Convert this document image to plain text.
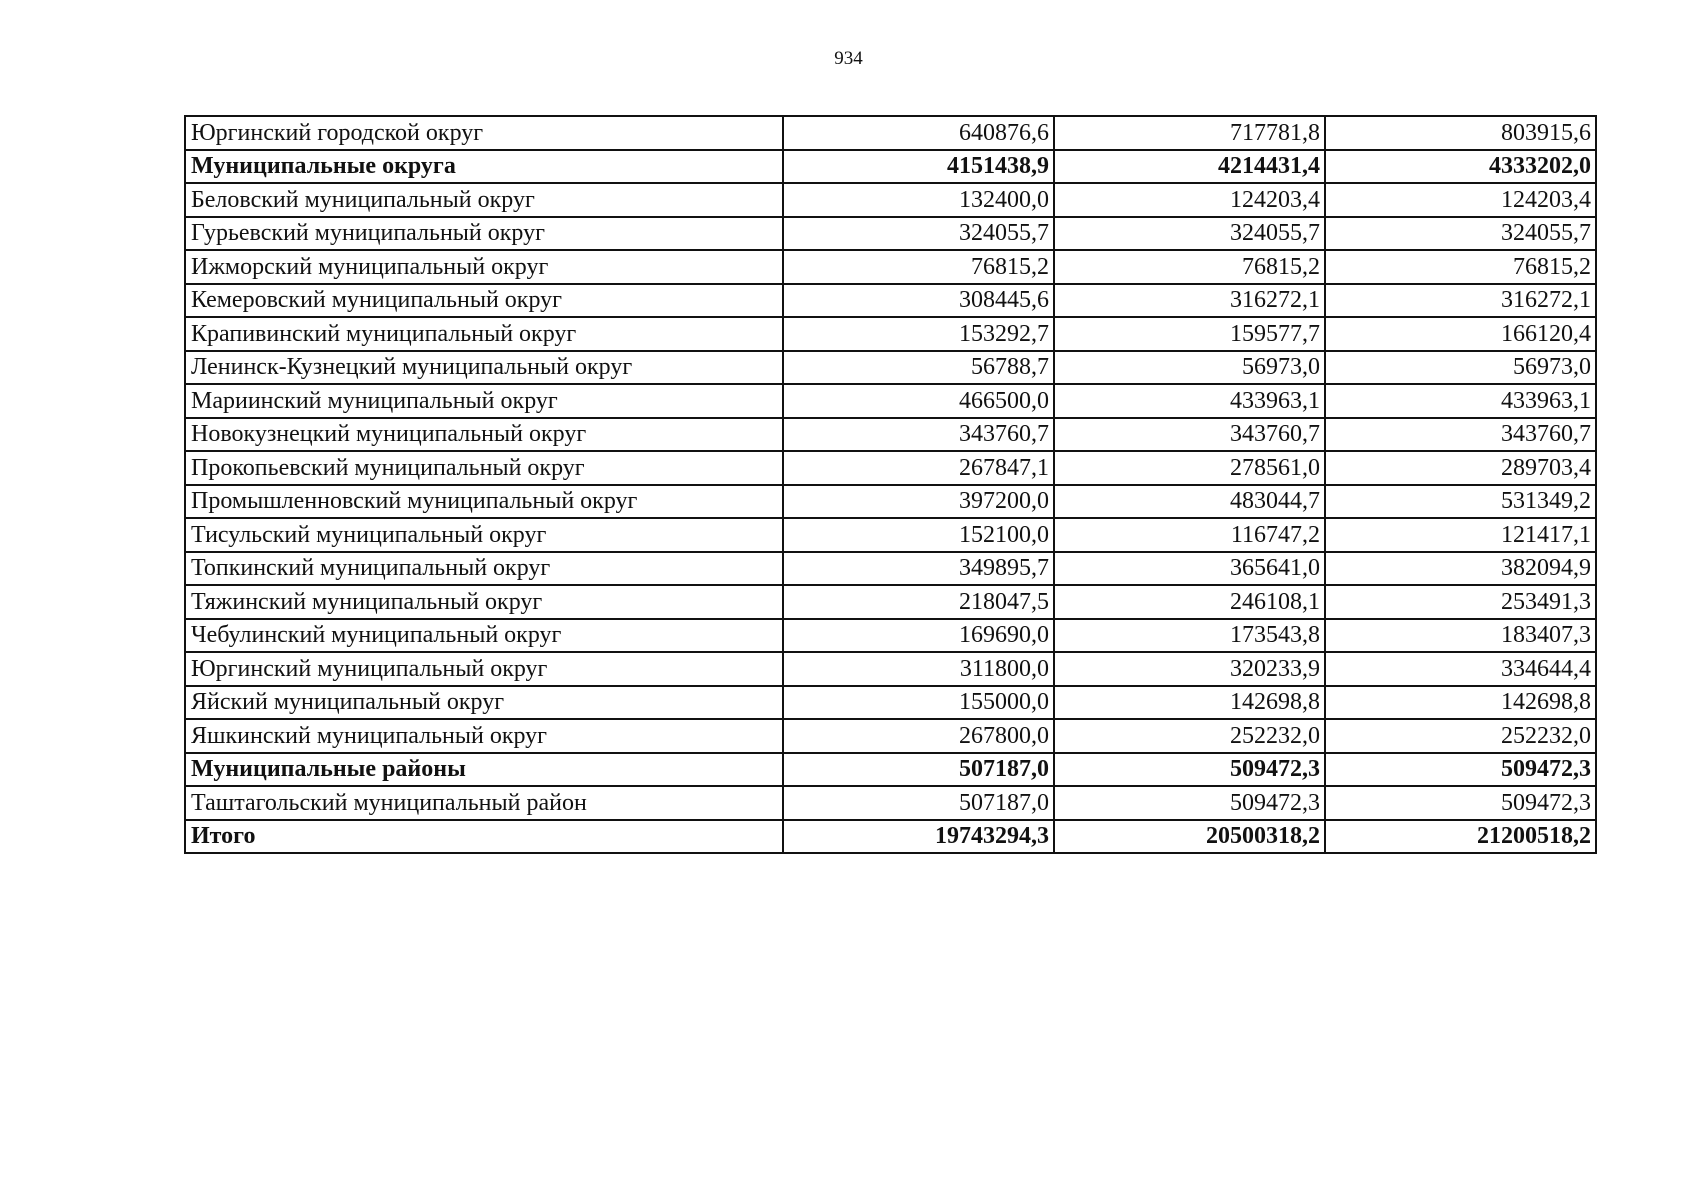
934
Юргинский городской округ	640876,6	717781,8	803915,6
Муниципальные округа	4151438,9	4214431,4	4333202,0
Беловский муниципальный округ	132400,0	124203,4	124203,4
Гурьевский муниципальный округ	324055,7	324055,7	324055,7
Ижморский муниципальный округ	76815,2	76815,2	76815,2
Кемеровский муниципальный округ	308445,6	316272,1	316272,1
Крапивинский муниципальный округ	153292,7	159577,7	166120,4
Ленинск-Кузнецкий муниципальный округ	56788,7	56973,0	56973,0
Мариинский муниципальный округ	466500,0	433963,1	433963,1
Новокузнецкий муниципальный округ	343760,7	343760,7	343760,7
Прокопьевский муниципальный округ	267847,1	278561,0	289703,4
Промышленновский муниципальный округ	397200,0	483044,7	531349,2
Тисульский муниципальный округ	152100,0	116747,2	121417,1
Топкинский муниципальный округ	349895,7	365641,0	382094,9
Тяжинский муниципальный округ	218047,5	246108,1	253491,3
Чебулинский муниципальный округ	169690,0	173543,8	183407,3
Юргинский муниципальный округ	311800,0	320233,9	334644,4
Яйский муниципальный округ	155000,0	142698,8	142698,8
Яшкинский муниципальный округ	267800,0	252232,0	252232,0
Муниципальные районы	507187,0	509472,3	509472,3
Таштагольский муниципальный район	507187,0	509472,3	509472,3
Итого	19743294,3	20500318,2	21200518,2
